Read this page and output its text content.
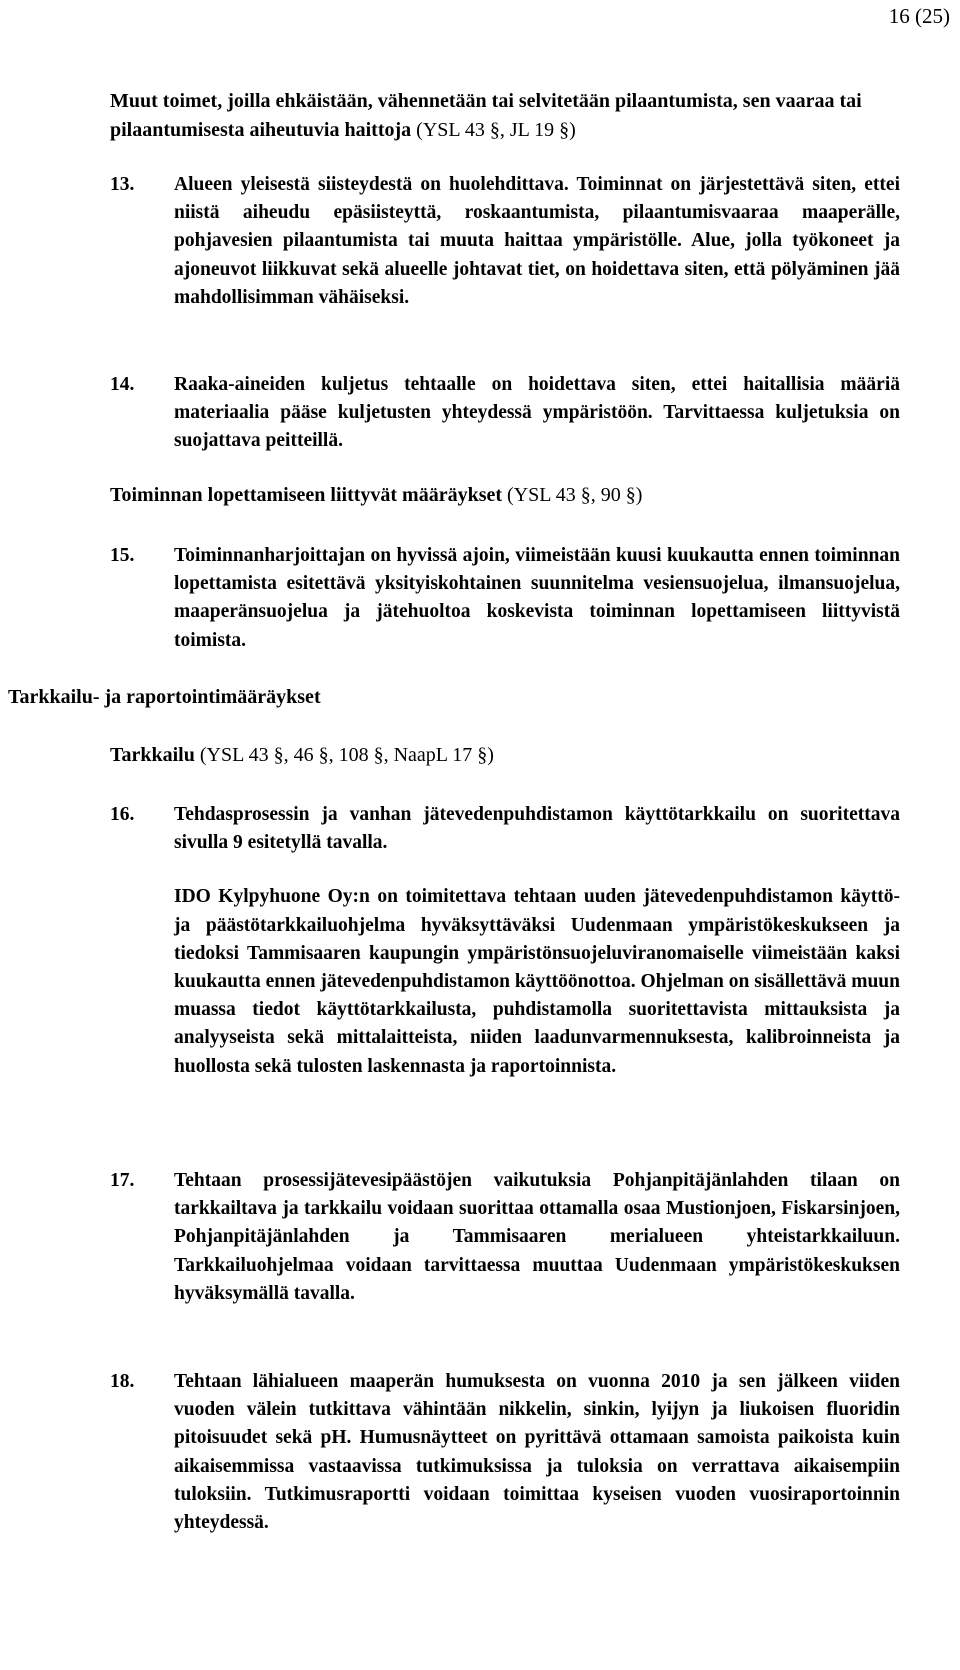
16 (25)
Muut toimet, joilla ehkäistään, vähennetään tai selvitetään pilaantumista, sen vaaraa tai pilaantumisesta aiheutuvia haittoja (YSL 43 §, JL 19 §)
13.	Alueen yleisestä siisteydestä on huolehdittava. Toiminnat on järjestettävä siten, ettei niistä aiheudu epäsiisteyttä, roskaantumista, pilaantumisvaaraa maaperälle, pohjavesien pilaantumista tai muuta haittaa ympäristölle. Alue, jolla työkoneet ja ajoneuvot liikkuvat sekä alueelle johtavat tiet, on hoidettava siten, että pölyäminen jää mahdollisimman vähäiseksi.

14.	Raaka-aineiden kuljetus tehtaalle on hoidettava siten, ettei haitallisia määriä materiaalia pääse kuljetusten yhteydessä ympäristöön. Tarvittaessa kuljetuksia on suojattava peitteillä.

Toiminnan lopettamiseen liittyvät määräykset (YSL 43 §, 90 §)
15.	Toiminnanharjoittajan on hyvissä ajoin, viimeistään kuusi kuukautta ennen toiminnan lopettamista esitettävä yksityiskohtainen suunnitelma vesiensuojelua, ilmansuojelua, maaperänsuojelua ja jätehuoltoa koskevista toiminnan lopettamiseen liittyvistä toimista.

Tarkkailu- ja raportointimääräykset
Tarkkailu (YSL 43 §, 46 §, 108 §, NaapL 17 §)
16.	Tehdasprosessin ja vanhan jätevedenpuhdistamon käyttötarkkailu on suoritettava sivulla 9 esitetyllä tavalla.

IDO Kylpyhuone Oy:n on toimitettava tehtaan uuden jätevedenpuhdistamon käyttö- ja päästötarkkailuohjelma hyväksyttäväksi Uudenmaan ympäristökeskukseen ja tiedoksi Tammisaaren kaupungin ympäristönsuojeluviranomaiselle viimeistään kaksi kuukautta ennen jätevedenpuhdistamon käyttöönottoa. Ohjelman on sisällettävä muun muassa tiedot käyttötarkkailusta, puhdistamolla suoritettavista mittauksista ja analyyseista sekä mittalaitteista, niiden laadunvarmennuksesta, kalibroinneista ja huollosta sekä tulosten laskennasta ja raportoinnista.

17.	Tehtaan prosessijätevesipäästöjen vaikutuksia Pohjanpitäjänlahden tilaan on tarkkailtava ja tarkkailu voidaan suorittaa ottamalla osaa Mustionjoen, Fiskarsinjoen, Pohjanpitäjänlahden ja Tammisaaren merialueen yhteistarkkailuun. Tarkkailuohjelmaa voidaan tarvittaessa muuttaa Uudenmaan ympäristökeskuksen hyväksymällä tavalla.

18.	Tehtaan lähialueen maaperän humuksesta on vuonna 2010 ja sen jälkeen viiden vuoden välein tutkittava vähintään nikkelin, sinkin, lyijyn ja liukoisen fluoridin pitoisuudet sekä pH. Humusnäytteet on pyrittävä ottamaan samoista paikoista kuin aikaisemmissa vastaavissa tutkimuksissa ja tuloksia on verrattava aikaisempiin tuloksiin. Tutkimusraportti voidaan toimittaa kyseisen vuoden vuosiraportoinnin yhteydessä.
